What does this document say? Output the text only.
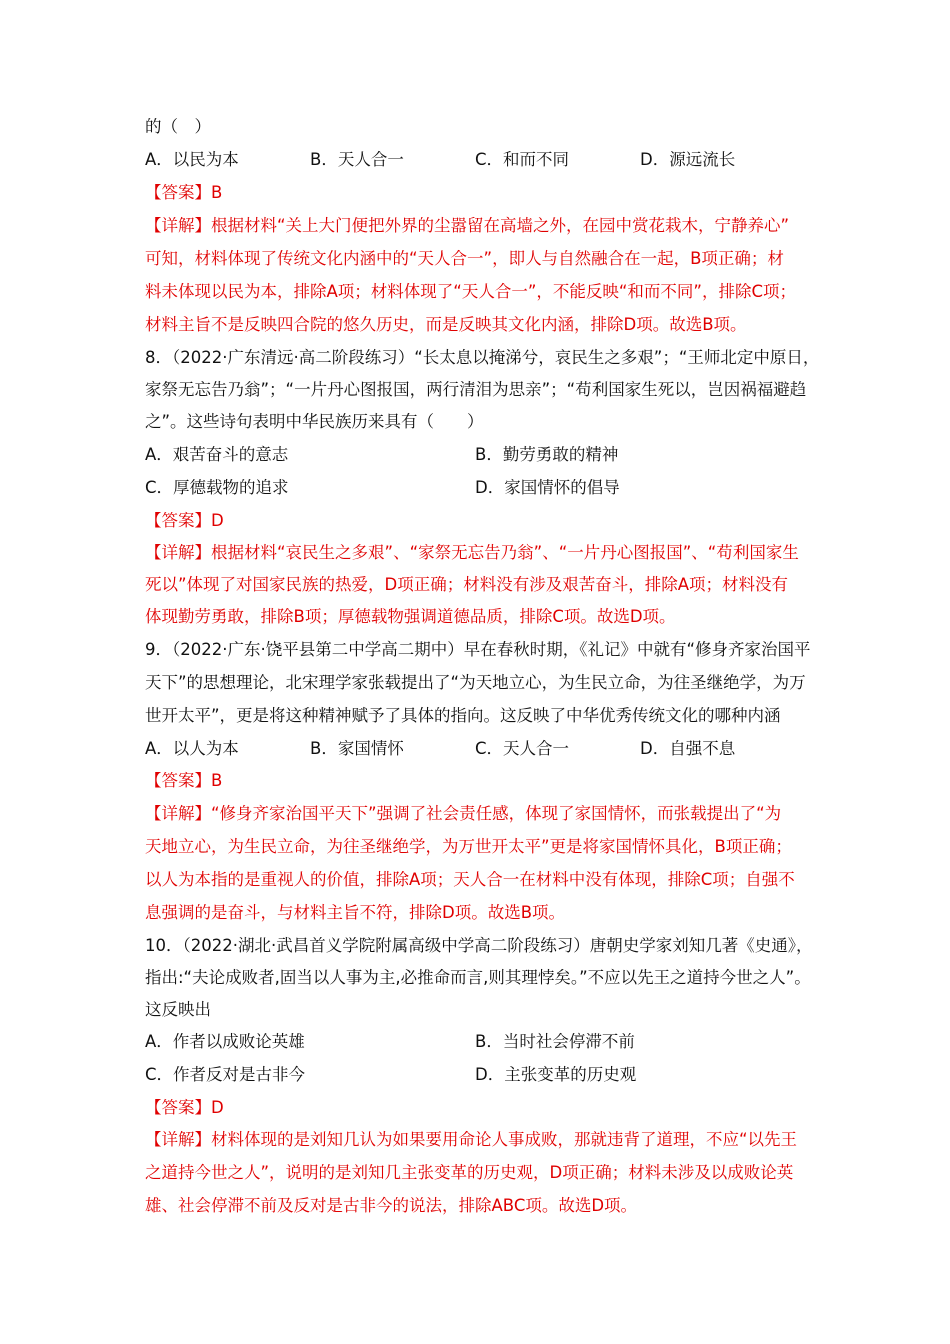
的（　）
A．以民为本	B．天人合一	C．和而不同	D．源远流长
【答案】B
【详解】根据材料“关上大门便把外界的尘嚣留在高墙之外，在园中赏花栽木，宁静养心”
可知，材料体现了传统文化内涵中的“天人合一”，即人与自然融合在一起，B项正确；材
料未体现以民为本，排除A项；材料体现了“天人合一”，不能反映“和而不同”，排除C项；
材料主旨不是反映四合院的悠久历史，而是反映其文化内涵，排除D项。故选B项。
8．（2022·广东清远·高二阶段练习）“长太息以掩涕兮，哀民生之多艰”；“王师北定中原日，
家祭无忘告乃翁”；“一片丹心图报国，两行清泪为思亲”；“苟利国家生死以，岂因祸福避趋
之”。这些诗句表明中华民族历来具有（　　）
A．艰苦奋斗的意志	B．勤劳勇敢的精神
C．厚德载物的追求	D．家国情怀的倡导
【答案】D
【详解】根据材料“哀民生之多艰”、“家祭无忘告乃翁”、“一片丹心图报国”、“苟利国家生
死以”体现了对国家民族的热爱，D项正确；材料没有涉及艰苦奋斗，排除A项；材料没有
体现勤劳勇敢，排除B项；厚德载物强调道德品质，排除C项。故选D项。
9．（2022·广东·饶平县第二中学高二期中）早在春秋时期，《礼记》中就有“修身齐家治国平
天下”的思想理论，北宋理学家张载提出了“为天地立心，为生民立命，为往圣继绝学，为万
世开太平”，更是将这种精神赋予了具体的指向。这反映了中华优秀传统文化的哪种内涵
A．以人为本	B．家国情怀	C．天人合一	D．自强不息
【答案】B
【详解】“修身齐家治国平天下”强调了社会责任感，体现了家国情怀，而张载提出了“为
天地立心，为生民立命，为往圣继绝学，为万世开太平”更是将家国情怀具化，B项正确；
以人为本指的是重视人的价值，排除A项；天人合一在材料中没有体现，排除C项；自强不
息强调的是奋斗，与材料主旨不符，排除D项。故选B项。
10．（2022·湖北·武昌首义学院附属高级中学高二阶段练习）唐朝史学家刘知几著《史通》，
指出:“夫论成败者,固当以人事为主,必推命而言,则其理悖矣。”不应以先王之道持今世之人”。
这反映出
A．作者以成败论英雄	B．当时社会停滞不前
C．作者反对是古非今	D．主张变革的历史观
【答案】D
【详解】材料体现的是刘知几认为如果要用命论人事成败，那就违背了道理，不应“以先王
之道持今世之人”，说明的是刘知几主张变革的历史观，D项正确；材料未涉及以成败论英
雄、社会停滞不前及反对是古非今的说法，排除ABC项。故选D项。
